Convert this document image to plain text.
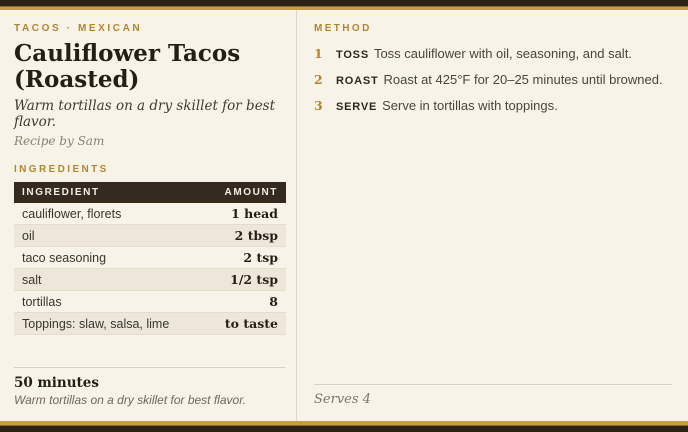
TACOS · MEXICAN
Cauliflower Tacos (Roasted)
Warm tortillas on a dry skillet for best flavor.
Recipe by Sam
INGREDIENTS
INGREDIENT	AMOUNT
cauliflower, florets	1 head
oil	2 tbsp
taco seasoning	2 tsp
salt	1/2 tsp
tortillas	8
Toppings: slaw, salsa, lime	to taste
50 minutes
Warm tortillas on a dry skillet for best flavor.
METHOD
1	TOSS Toss cauliflower with oil, seasoning, and salt.
2	ROAST Roast at 425°F for 20–25 minutes until browned.
3	SERVE Serve in tortillas with toppings.
Serves 4
